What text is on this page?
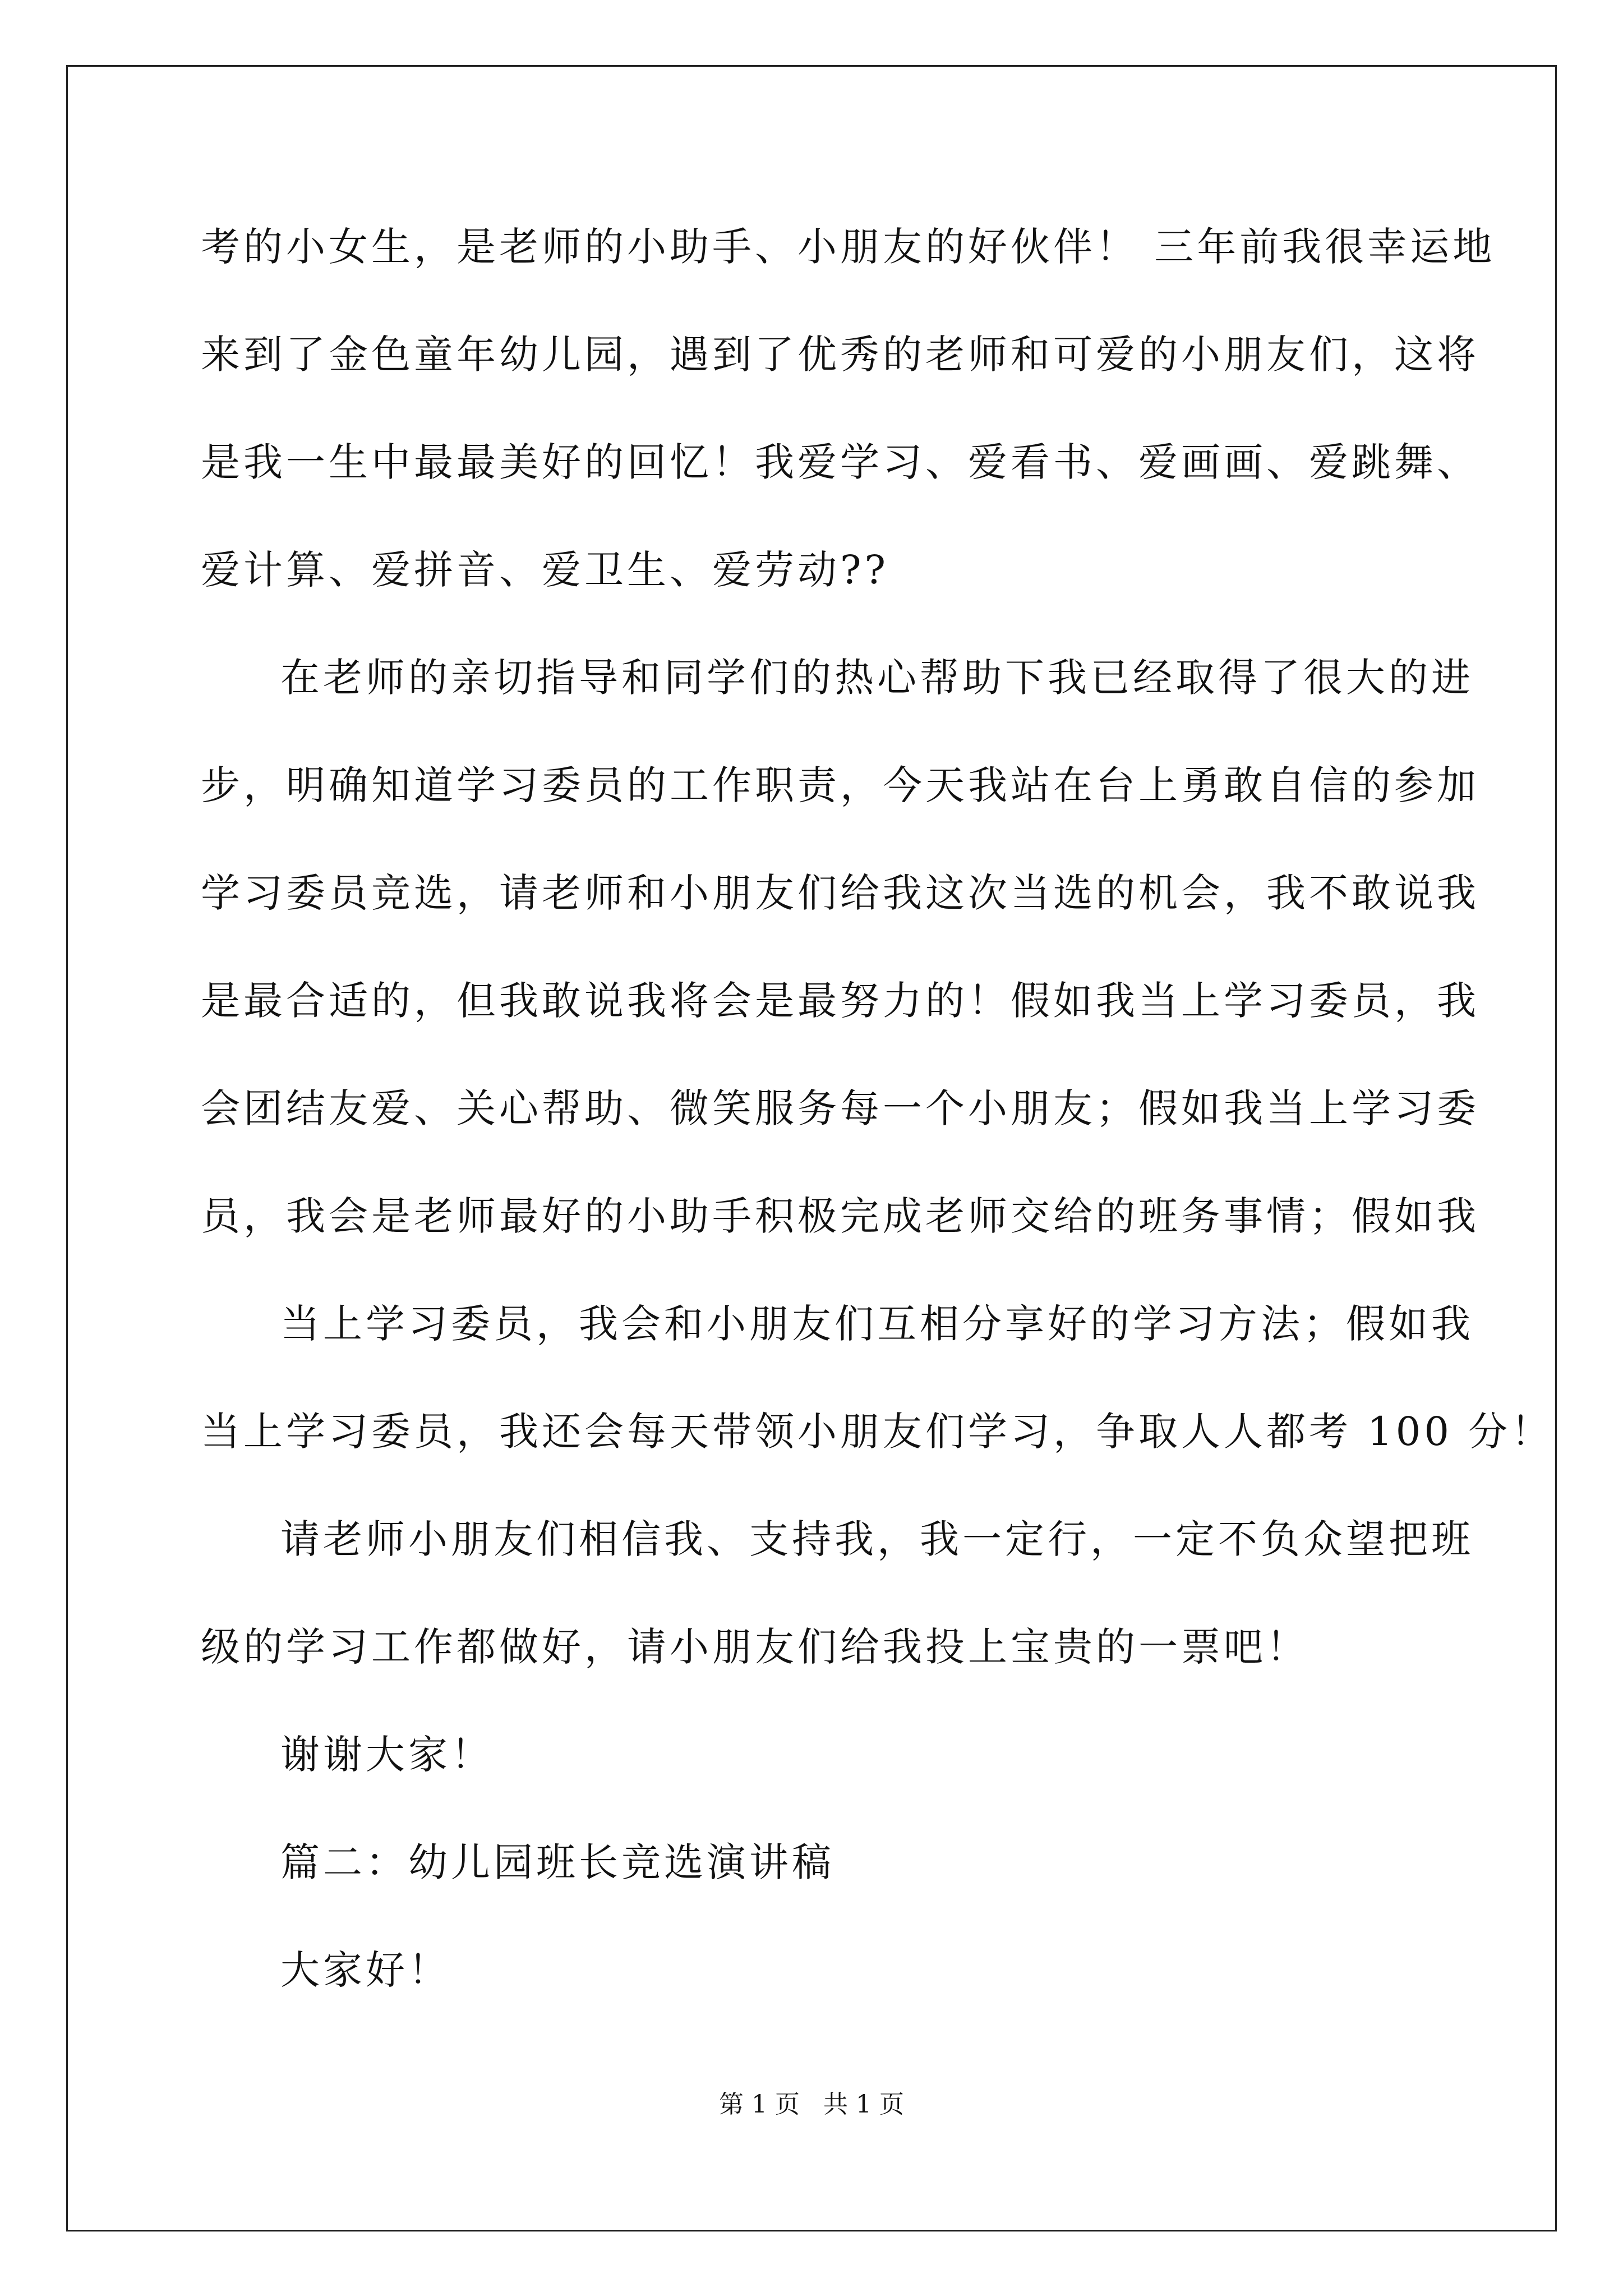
考的小女生，是老师的小助手、小朋友的好伙伴！ 三年前我很幸运地
来到了金色童年幼儿园，遇到了优秀的老师和可爱的小朋友们，这将
是我一生中最最美好的回忆！我爱学习、爱看书、爱画画、爱跳舞、
爱计算、爱拼音、爱卫生、爱劳动??
在老师的亲切指导和同学们的热心帮助下我已经取得了很大的进
步，明确知道学习委员的工作职责，今天我站在台上勇敢自信的参加
学习委员竞选，请老师和小朋友们给我这次当选的机会，我不敢说我
是最合适的，但我敢说我将会是最努力的！假如我当上学习委员，我
会团结友爱、关心帮助、微笑服务每一个小朋友；假如我当上学习委
员，我会是老师最好的小助手积极完成老师交给的班务事情；假如我
当上学习委员，我会和小朋友们互相分享好的学习方法；假如我
当上学习委员，我还会每天带领小朋友们学习，争取人人都考 100 分！
请老师小朋友们相信我、支持我，我一定行，一定不负众望把班
级的学习工作都做好，请小朋友们给我投上宝贵的一票吧！
谢谢大家！
篇二：幼儿园班长竞选演讲稿
大家好！
第 1 页   共 1 页
